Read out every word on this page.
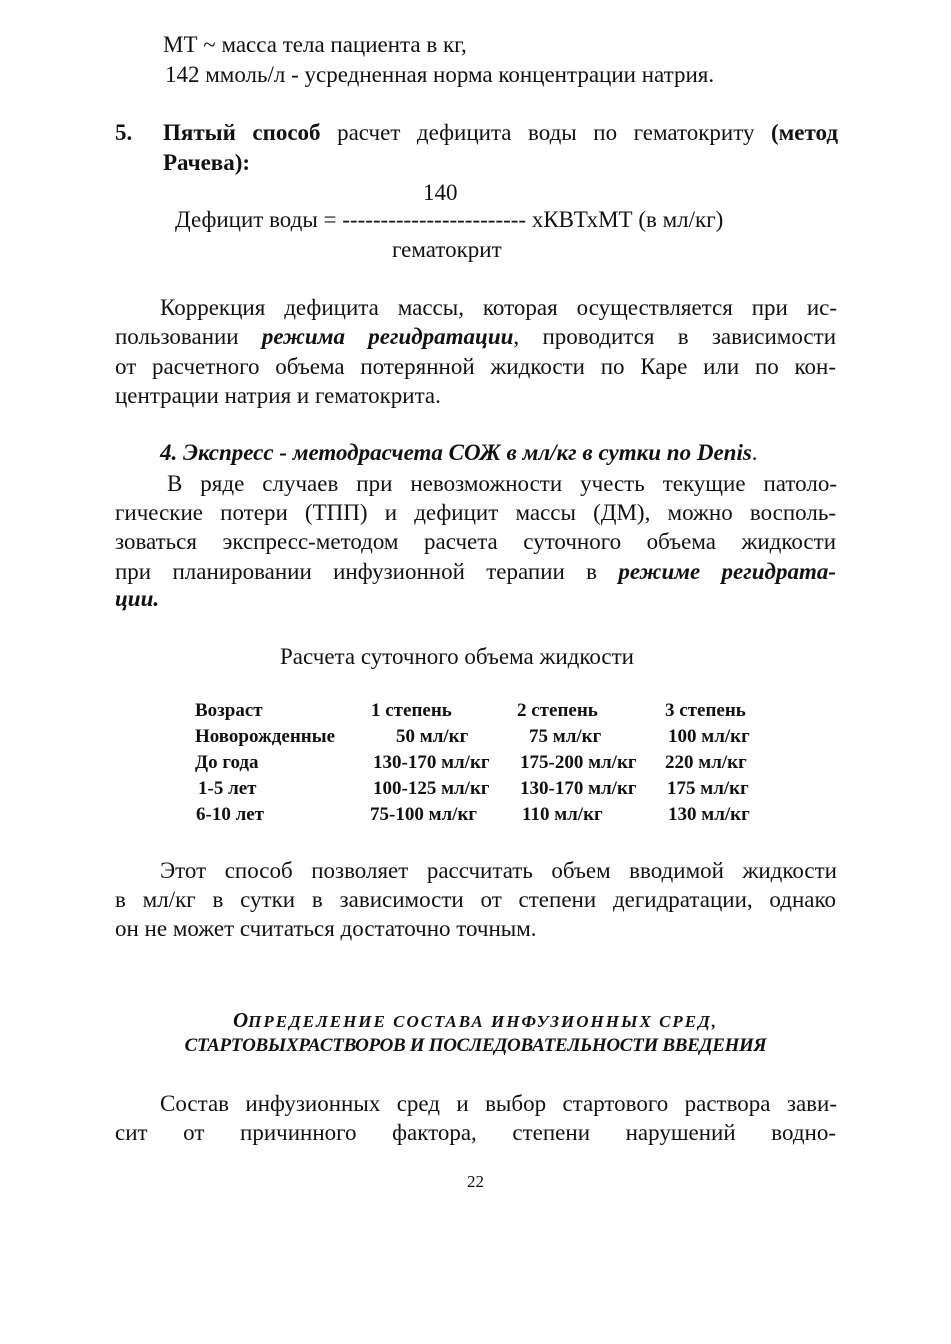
МТ ~ масса тела пациента в кг,
142 ммоль/л - усредненная норма концентрации натрия.
5. Пятый способ расчет дефицита воды по гематокриту (метод
Рачева):
140
Дефицит воды = ------------------------ хКВТхМТ (в мл/кг)
гематокрит
Коррекция дефицита массы, которая осуществляется при ис-
пользовании режима регидратации, проводится в зависимости
от расчетного объема потерянной жидкости по Каре или по кон-
центрации натрия и гематокрита.
4. Экспресс - методрасчета СОЖ в мл/кг в сутки по Denis.
В ряде случаев при невозможности учесть текущие патоло-
гические потери (ТПП) и дефицит массы (ДМ), можно восполь-
зоваться экспресс-методом расчета суточного объема жидкости
при планировании инфузионной терапии в режиме регидрата-
ции.
Расчета суточного объема жидкости
Возраст	1 степень	2 степень	3 степень
Новорожденные	50 мл/кг	75 мл/кг	100 мл/кг
До года	130-170 мл/кг 175-200 мл/кг 220 мл/кг
1-5 лет	100-125 мл/кг 130-170 мл/кг 175 мл/кг
6-10 лет	75-100 мл/кг 110 мл/кг	130 мл/кг
Этот способ позволяет рассчитать объем вводимой жидкости
в мл/кг в сутки в зависимости от степени дегидратации, однако
он не может считаться достаточно точным.
ОПРЕДЕЛЕНИЕ СОСТАВА ИНФУЗИОННЫХ СРЕД,
СТАРТОВЫХРАСТВОРОВ И ПОСЛЕДОВАТЕЛЬНОСТИ ВВЕДЕНИЯ
Состав инфузионных сред и выбор стартового раствора зави-
сит от причинного фактора, степени нарушений водно-
22
